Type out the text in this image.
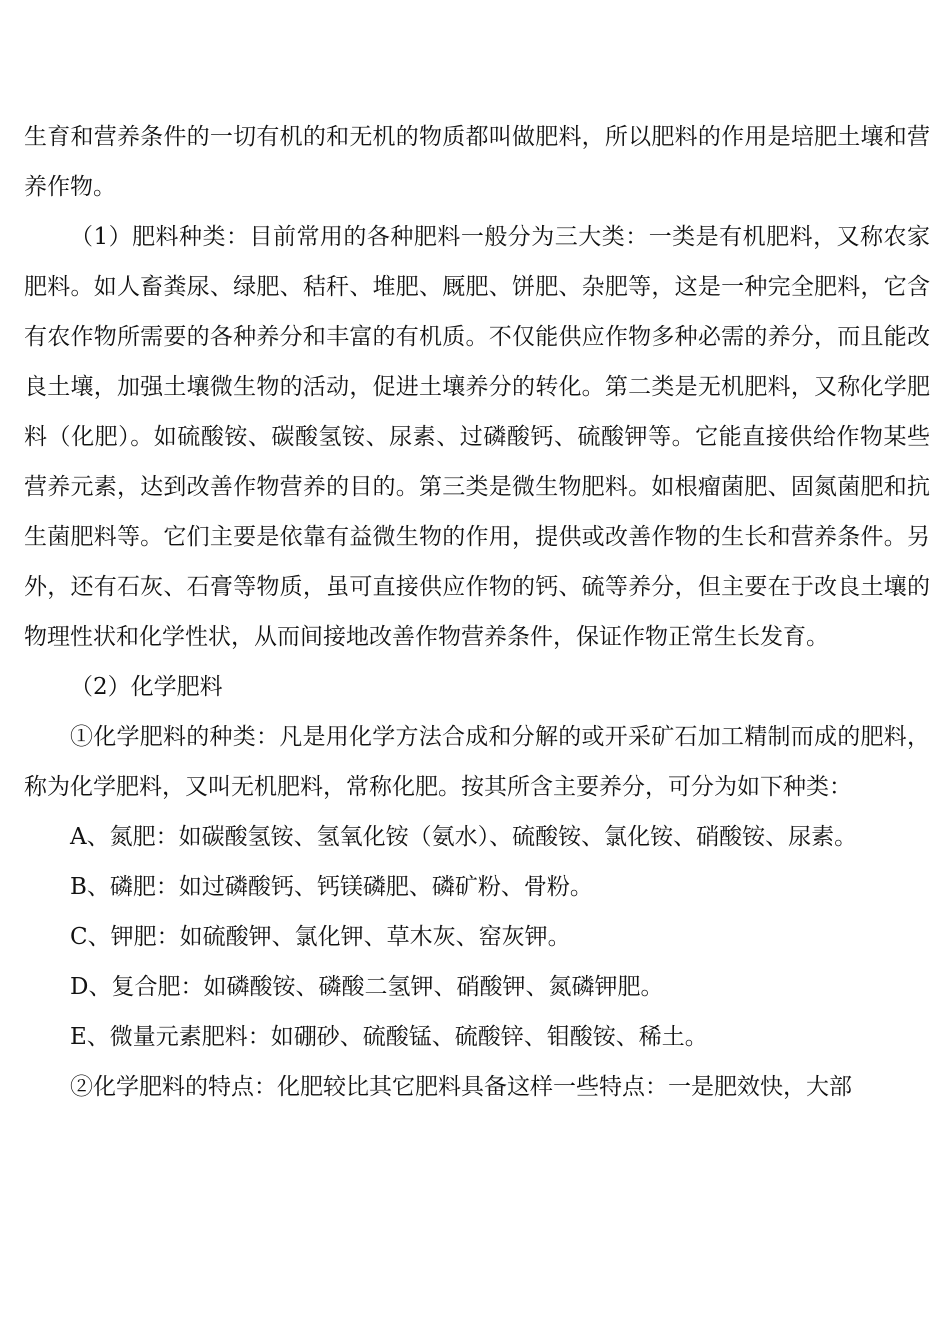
生育和营养条件的一切有机的和无机的物质都叫做肥料，所以肥料的作用是培肥土壤和营养作物。

（1）肥料种类：目前常用的各种肥料一般分为三大类：一类是有机肥料，又称农家肥料。如人畜粪尿、绿肥、秸秆、堆肥、厩肥、饼肥、杂肥等，这是一种完全肥料，它含有农作物所需要的各种养分和丰富的有机质。不仅能供应作物多种必需的养分，而且能改良土壤，加强土壤微生物的活动，促进土壤养分的转化。第二类是无机肥料，又称化学肥料（化肥）。如硫酸铵、碳酸氢铵、尿素、过磷酸钙、硫酸钾等。它能直接供给作物某些营养元素，达到改善作物营养的目的。第三类是微生物肥料。如根瘤菌肥、固氮菌肥和抗生菌肥料等。它们主要是依靠有益微生物的作用，提供或改善作物的生长和营养条件。另外，还有石灰、石膏等物质，虽可直接供应作物的钙、硫等养分，但主要在于改良土壤的物理性状和化学性状，从而间接地改善作物营养条件，保证作物正常生长发育。

（2）化学肥料

①化学肥料的种类：凡是用化学方法合成和分解的或开采矿石加工精制而成的肥料，称为化学肥料，又叫无机肥料，常称化肥。按其所含主要养分，可分为如下种类：

A、氮肥：如碳酸氢铵、氢氧化铵（氨水）、硫酸铵、氯化铵、硝酸铵、尿素。

B、磷肥：如过磷酸钙、钙镁磷肥、磷矿粉、骨粉。

C、钾肥：如硫酸钾、氯化钾、草木灰、窑灰钾。

D、复合肥：如磷酸铵、磷酸二氢钾、硝酸钾、氮磷钾肥。

E、微量元素肥料：如硼砂、硫酸锰、硫酸锌、钼酸铵、稀土。

②化学肥料的特点：化肥较比其它肥料具备这样一些特点：一是肥效快，大部
